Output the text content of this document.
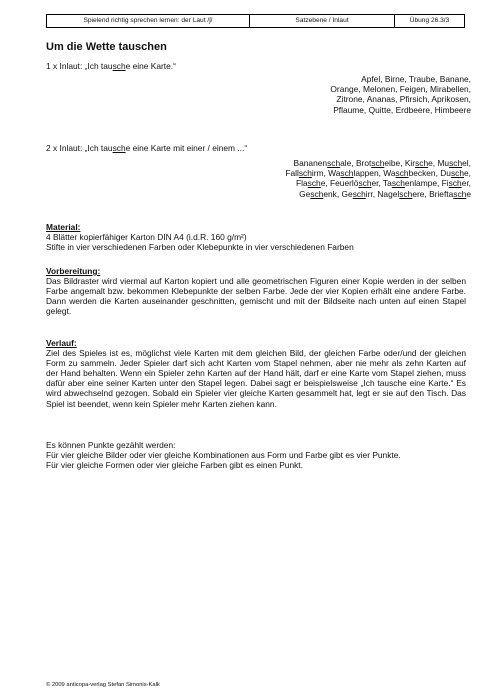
Spielend richtig sprechen lernen: der Laut /ʃ/	Satzebene / Inlaut	Übung 26.3/3
Um die Wette tauschen
1 x Inlaut: „Ich tausche eine Karte.“
Apfel, Birne, Traube, Banane,
Orange, Melonen, Feigen, Mirabellen,
Zitrone, Ananas, Pfirsich, Aprikosen,
Pflaume, Quitte, Erdbeere, Himbeere
2 x Inlaut: „Ich tausche eine Karte mit einer / einem ...“
Bananenschale, Brotscheibe, Kirsche, Muschel,
Fallschirm, Waschlappen, Waschbecken, Dusche,
Flasche, Feuerlöscher, Taschenlampe, Fischer,
Geschenk, Geschirr, Nagelschere, Brieftasche
Material:

4 Blätter kopierfähiger Karton DIN A4 (i.d.R. 160 g/m²)

Stifte in vier verschiedenen Farben oder Klebepunkte in vier verschiedenen Farben

Vorbereitung:

Das Bildraster wird viermal auf Karton kopiert und alle geometrischen Figuren einer Kopie werden in der selben Farbe angemalt bzw. bekommen Klebepunkte der selben Farbe. Jede der vier Kopien erhält eine andere Farbe. Dann werden die Karten auseinander geschnitten, gemischt und mit der Bildseite nach unten auf einen Stapel gelegt.

Verlauf:

Ziel des Spieles ist es, möglichst viele Karten mit dem gleichen Bild, der gleichen Farbe oder/und der gleichen Form zu sammeln. Jeder Spieler darf sich acht Karten vom Stapel nehmen, aber nie mehr als zehn Karten auf der Hand behalten. Wenn ein Spieler zehn Karten auf der Hand hält, darf er eine Karte vom Stapel ziehen, muss dafür aber eine seiner Karten unter den Stapel legen. Dabei sagt er beispielsweise „Ich tausche eine Karte.“ Es wird abwechselnd gezogen. Sobald ein Spieler vier gleiche Karten gesammelt hat, legt er sie auf den Tisch. Das Spiel ist beendet, wenn kein Spieler mehr Karten ziehen kann.

Es können Punkte gezählt werden:

Für vier gleiche Bilder oder vier gleiche Kombinationen aus Form und Farbe gibt es vier Punkte.

Für vier gleiche Formen oder vier gleiche Farben gibt es einen Punkt.

© 2009 anticopa-verlag Stefan Simonis-Kalk
